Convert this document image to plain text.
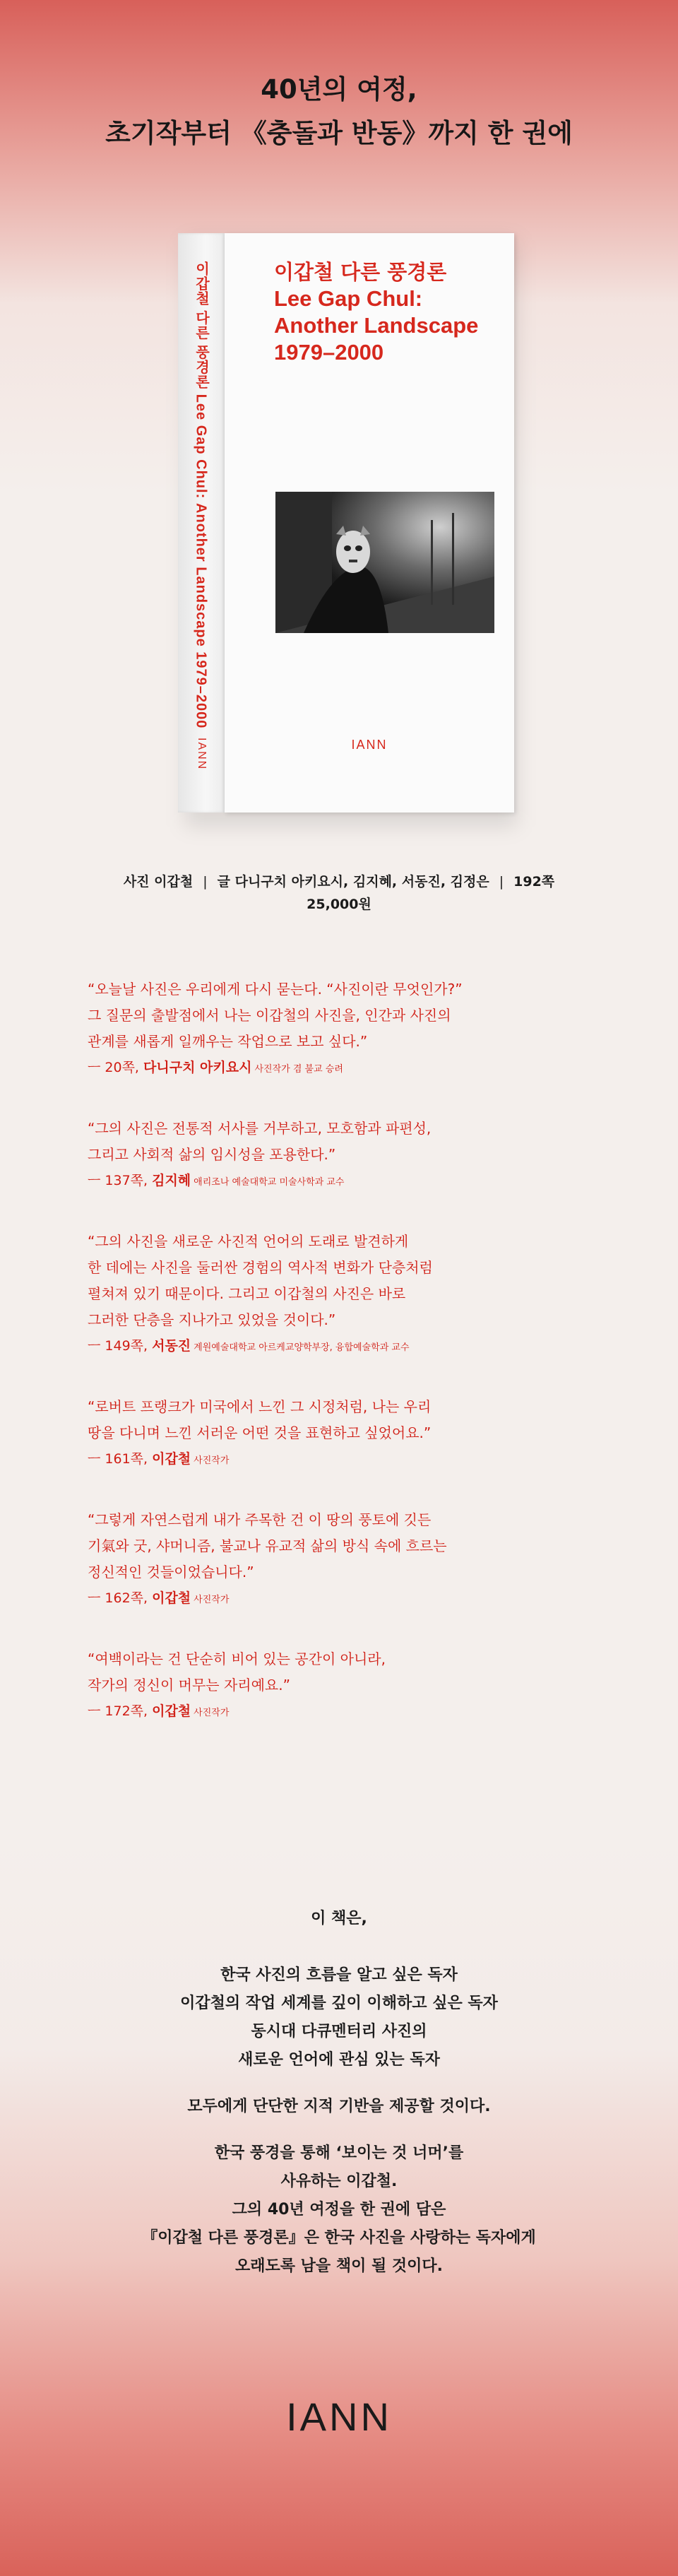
40년의 여정,
초기작부터 《충돌과 반동》까지 한 권에
이갑철 다른 풍경론 Lee Gap Chul: Another Landscape 1979–2000
IANN
이갑철 다른 풍경론
Lee Gap Chul:
Another Landscape
1979–2000
IANN
사진 이갑철 | 글 다니구치 아키요시, 김지혜, 서동진, 김정은 | 192쪽
25,000원
“오늘날 사진은 우리에게 다시 묻는다. “사진이란 무엇인가?”
그 질문의 출발점에서 나는 이갑철의 사진을, 인간과 사진의
관계를 새롭게 일깨우는 작업으로 보고 싶다.”
ㅡ 20쪽, 다니구치 아키요시 사진작가 겸 불교 승려
“그의 사진은 전통적 서사를 거부하고, 모호함과 파편성,
그리고 사회적 삶의 임시성을 포용한다.”
ㅡ 137쪽, 김지혜 애리조나 예술대학교 미술사학과 교수
“그의 사진을 새로운 사진적 언어의 도래로 발견하게
한 데에는 사진을 둘러싼 경험의 역사적 변화가 단층처럼
펼쳐져 있기 때문이다. 그리고 이갑철의 사진은 바로
그러한 단층을 지나가고 있었을 것이다.”
ㅡ 149쪽, 서동진 계원예술대학교 아르케교양학부장, 융합예술학과 교수
“로버트 프랭크가 미국에서 느낀 그 시정처럼, 나는 우리
땅을 다니며 느낀 서러운 어떤 것을 표현하고 싶었어요.”
ㅡ 161쪽, 이갑철 사진작가
“그렇게 자연스럽게 내가 주목한 건 이 땅의 풍토에 깃든
기氣와 굿, 샤머니즘, 불교나 유교적 삶의 방식 속에 흐르는
정신적인 것들이었습니다.”
ㅡ 162쪽, 이갑철 사진작가
“여백이라는 건 단순히 비어 있는 공간이 아니라,
작가의 정신이 머무는 자리예요.”
ㅡ 172쪽, 이갑철 사진작가
이 책은,
한국 사진의 흐름을 알고 싶은 독자
이갑철의 작업 세계를 깊이 이해하고 싶은 독자
동시대 다큐멘터리 사진의
새로운 언어에 관심 있는 독자
모두에게 단단한 지적 기반을 제공할 것이다.
한국 풍경을 통해 ‘보이는 것 너머’를
사유하는 이갑철.
그의 40년 여정을 한 권에 담은
『이갑철 다른 풍경론』은 한국 사진을 사랑하는 독자에게
오래도록 남을 책이 될 것이다.
IANN
